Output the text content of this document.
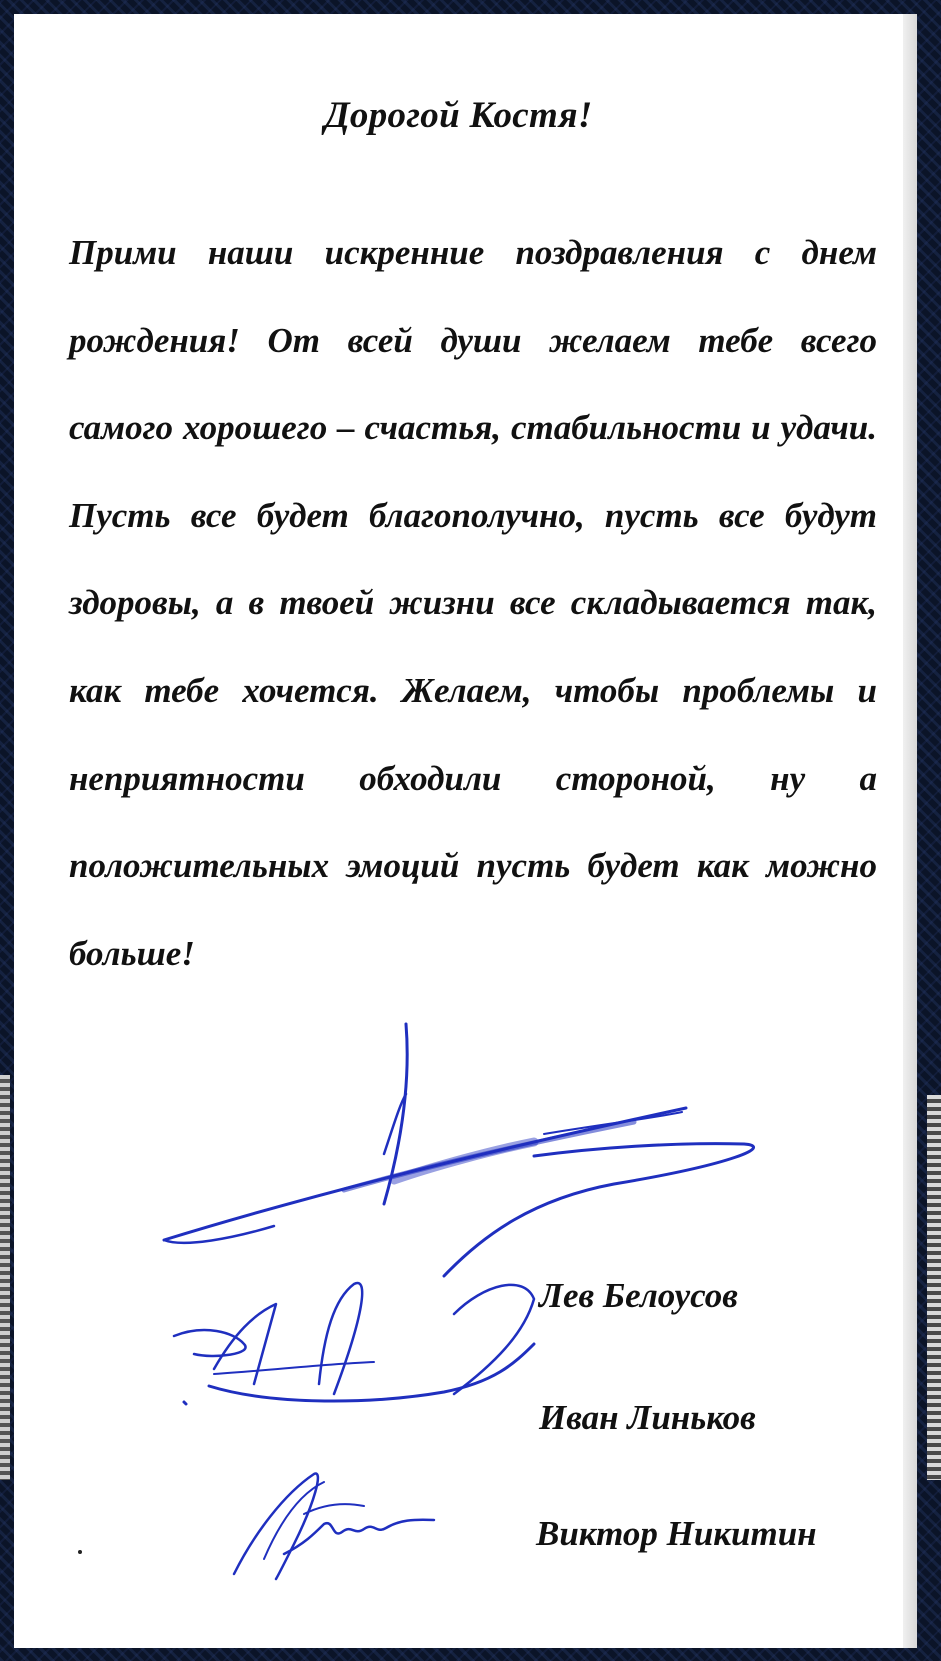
Дорогой Костя!

Прими наши искренние поздравления с днем рождения! От всей души желаем тебе всего самого хорошего – счастья, стабильности и удачи. Пусть все будет благополучно, пусть все будут здоровы, а в твоей жизни все складывается так, как тебе хочется. Желаем, чтобы проблемы и неприятности обходили стороной, ну а положительных эмоций пусть будет как можно больше!

Лев Белоусов
Иван Линьков
Виктор Никитин
